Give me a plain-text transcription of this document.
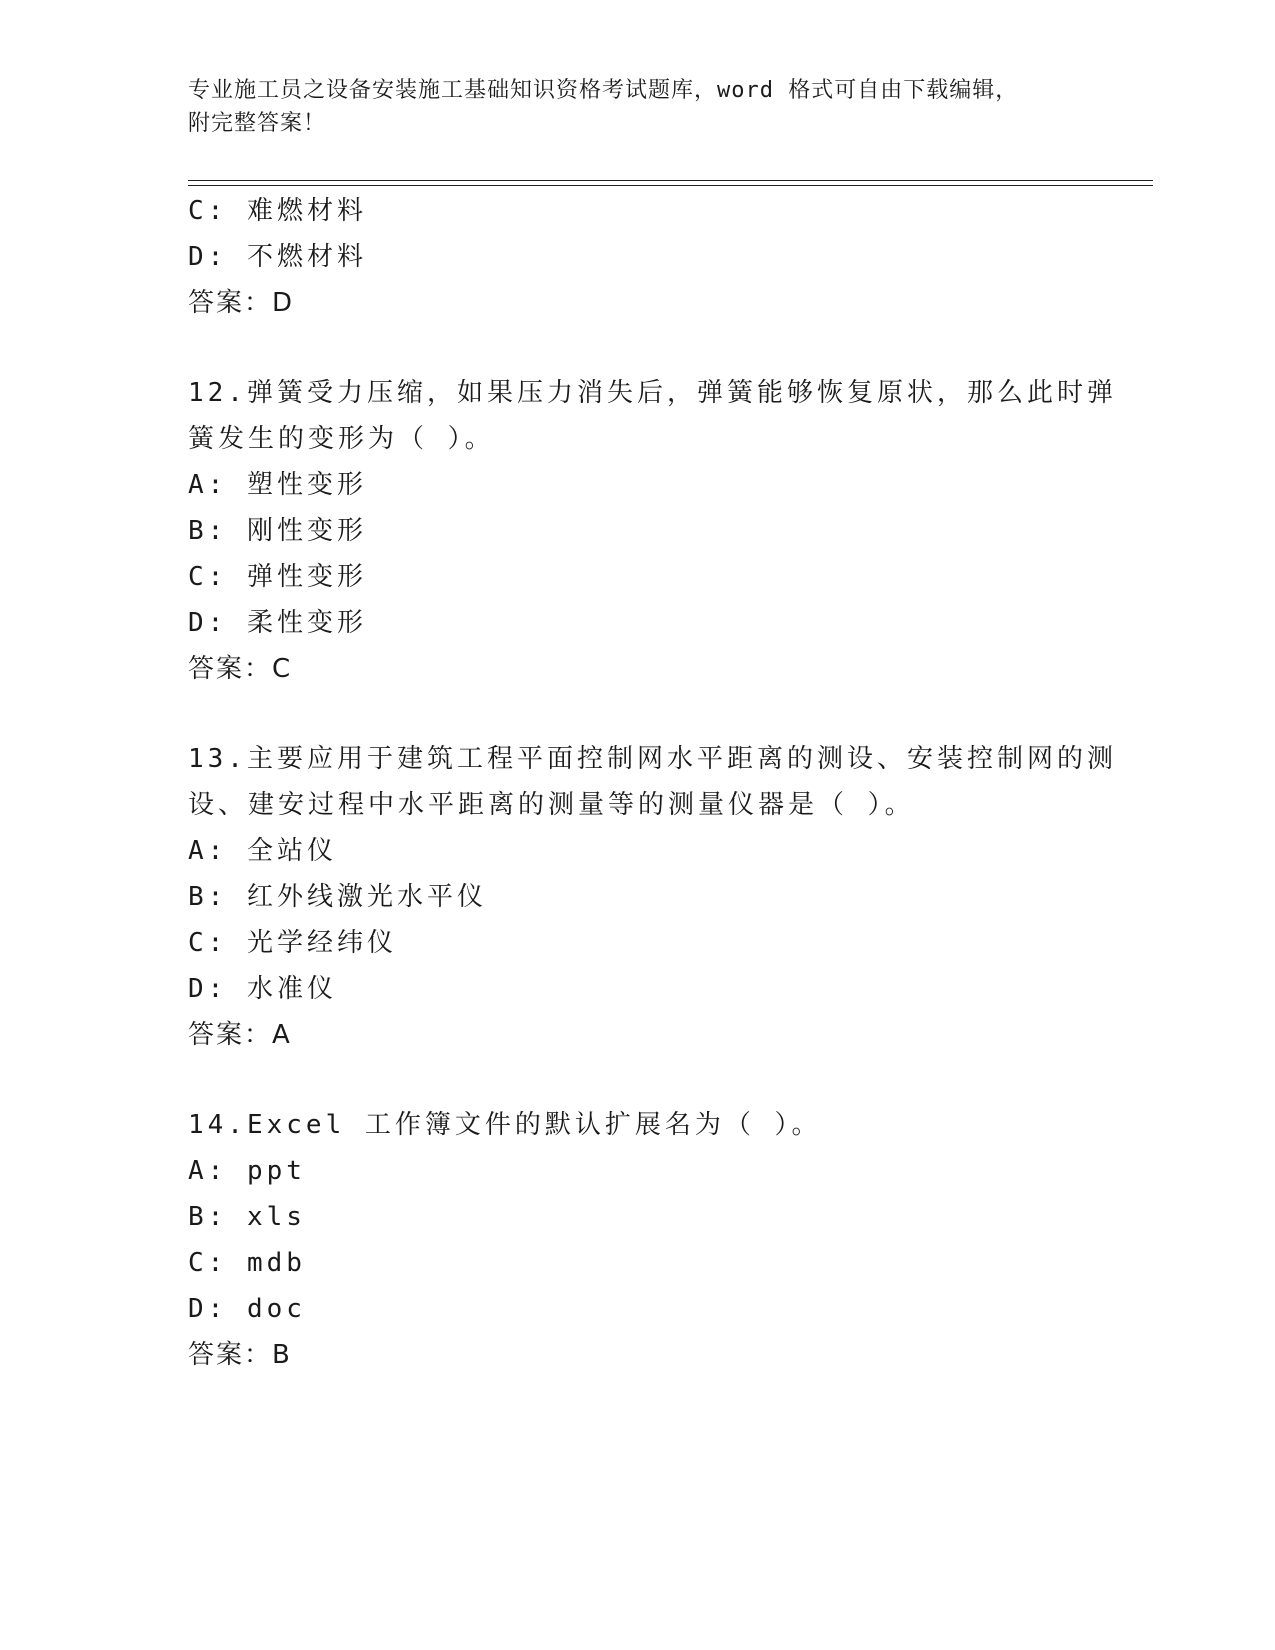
专业施工员之设备安装施工基础知识资格考试题库，word 格式可自由下载编辑，
附完整答案！
C: 难燃材料
D: 不燃材料
答案：D
12.弹簧受力压缩，如果压力消失后，弹簧能够恢复原状，那么此时弹
簧发生的变形为（ ）。
A: 塑性变形
B: 刚性变形
C: 弹性变形
D: 柔性变形
答案：C
13.主要应用于建筑工程平面控制网水平距离的测设、安装控制网的测
设、建安过程中水平距离的测量等的测量仪器是（ ）。
A: 全站仪
B: 红外线激光水平仪
C: 光学经纬仪
D: 水准仪
答案：A
14.Excel 工作簿文件的默认扩展名为（ ）。
A: ppt
B: xls
C: mdb
D: doc
答案：B
